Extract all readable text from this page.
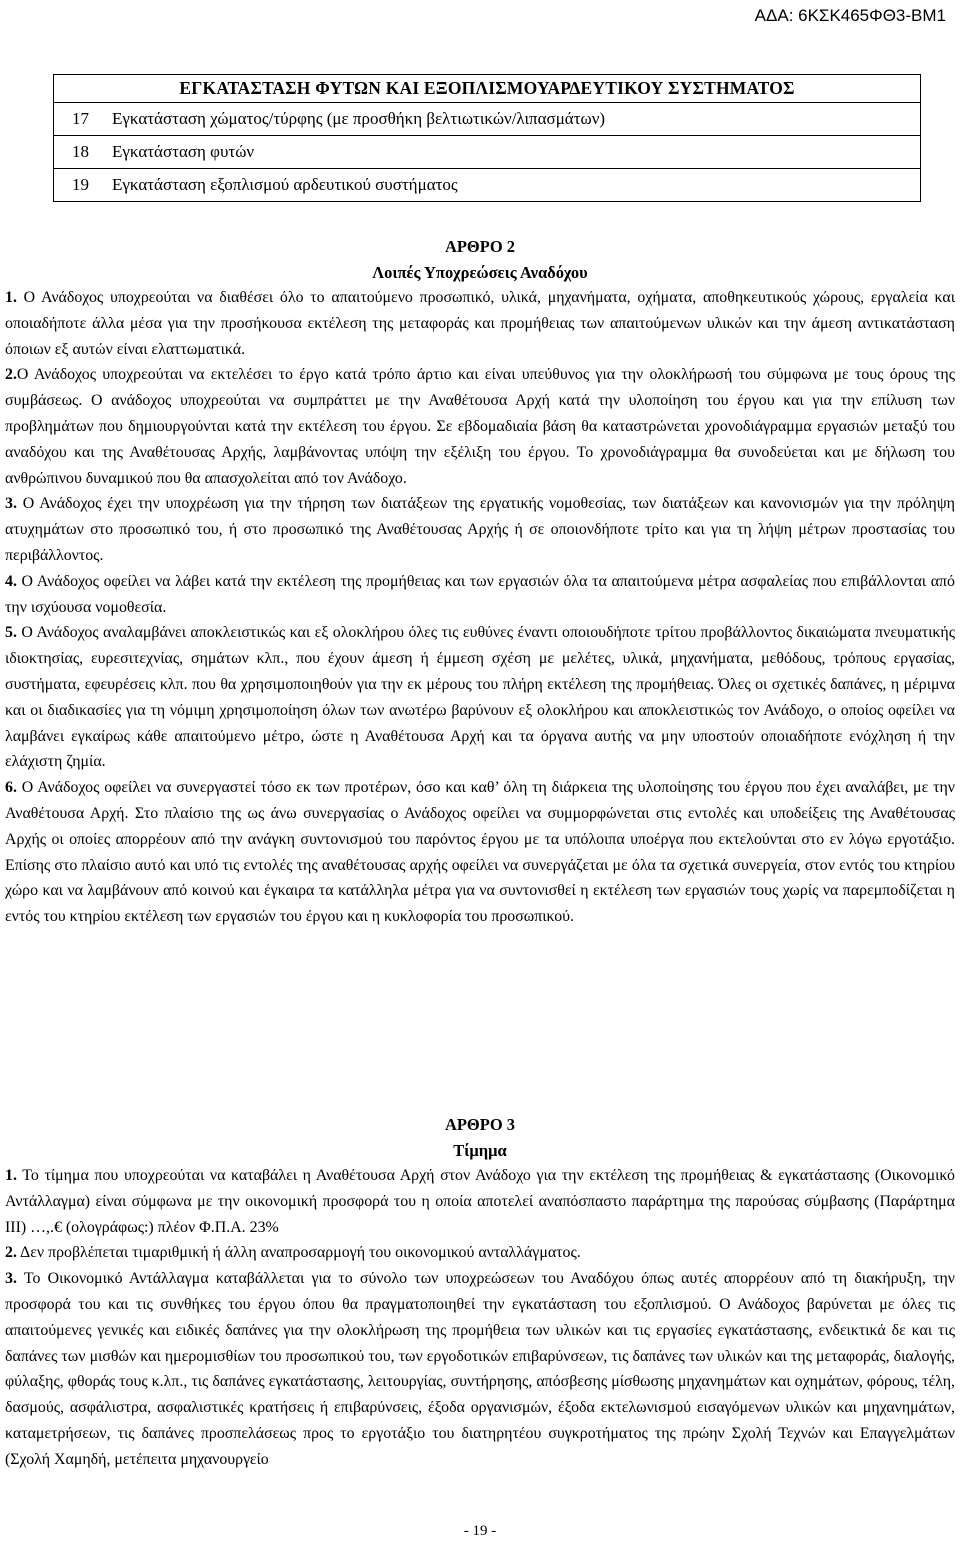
ΑΔΑ: 6ΚΣΚ465ΦΘ3-ΒΜ1
ΕΓΚΑΤΑΣΤΑΣΗ ΦΥΤΩΝ ΚΑΙ ΕΞΟΠΛΙΣΜΟΥΑΡΔΕΥΤΙΚΟΥ ΣΥΣΤΗΜΑΤΟΣ	
17	Εγκατάσταση χώματος/τύρφης (με προσθήκη βελτιωτικών/λιπασμάτων)
18	Εγκατάσταση φυτών
19	Εγκατάσταση εξοπλισμού αρδευτικού συστήματος

ΑΡΘΡΟ 2

Λοιπές Υποχρεώσεις Αναδόχου

1. Ο Ανάδοχος υποχρεούται να διαθέσει όλο το απαιτούμενο προσωπικό, υλικά, μηχανήματα, οχήματα, αποθηκευτικούς χώρους, εργαλεία και οποιαδήποτε άλλα μέσα για την προσήκουσα εκτέλεση της μεταφοράς και προμήθειας των απαιτούμενων υλικών και την άμεση αντικατάσταση όποιων εξ αυτών είναι ελαττωματικά.

2.Ο Ανάδοχος υποχρεούται να εκτελέσει το έργο κατά τρόπο άρτιο και είναι υπεύθυνος για την ολοκλήρωσή του σύμφωνα με τους όρους της συμβάσεως. Ο ανάδοχος υποχρεούται να συμπράττει με την Αναθέτουσα Αρχή κατά την υλοποίηση του έργου και για την επίλυση των προβλημάτων που δημιουργούνται κατά την εκτέλεση του έργου. Σε εβδομαδιαία βάση θα καταστρώνεται χρονοδιάγραμμα εργασιών μεταξύ του αναδόχου και της Αναθέτουσας Αρχής, λαμβάνοντας υπόψη την εξέλιξη του έργου. Το χρονοδιάγραμμα θα συνοδεύεται και με δήλωση του ανθρώπινου δυναμικού που θα απασχολείται από τον Ανάδοχο.

3. Ο Ανάδοχος έχει την υποχρέωση για την τήρηση των διατάξεων της εργατικής νομοθεσίας, των διατάξεων και κανονισμών για την πρόληψη ατυχημάτων στο προσωπικό του, ή στο προσωπικό της Αναθέτουσας Αρχής ή σε οποιονδήποτε τρίτο και για τη λήψη μέτρων προστασίας του περιβάλλοντος.

4. Ο Ανάδοχος οφείλει να λάβει κατά την εκτέλεση της προμήθειας και των εργασιών όλα τα απαιτούμενα μέτρα ασφαλείας που επιβάλλονται από την ισχύουσα νομοθεσία.

5. Ο Ανάδοχος αναλαμβάνει αποκλειστικώς και εξ ολοκλήρου όλες τις ευθύνες έναντι οποιουδήποτε τρίτου προβάλλοντος δικαιώματα πνευματικής ιδιοκτησίας, ευρεσιτεχνίας, σημάτων κλπ., που έχουν άμεση ή έμμεση σχέση με μελέτες, υλικά, μηχανήματα, μεθόδους, τρόπους εργασίας, συστήματα, εφευρέσεις κλπ. που θα χρησιμοποιηθούν για την εκ μέρους του πλήρη εκτέλεση της προμήθειας. Όλες οι σχετικές δαπάνες, η μέριμνα και οι διαδικασίες για τη νόμιμη χρησιμοποίηση όλων των ανωτέρω βαρύνουν εξ ολοκλήρου και αποκλειστικώς τον Ανάδοχο, ο οποίος οφείλει να λαμβάνει εγκαίρως κάθε απαιτούμενο μέτρο, ώστε η Αναθέτουσα Αρχή και τα όργανα αυτής να μην υποστούν οποιαδήποτε ενόχληση ή την ελάχιστη ζημία.

6. Ο Ανάδοχος οφείλει να συνεργαστεί τόσο εκ των προτέρων, όσο και καθ’ όλη τη διάρκεια της υλοποίησης του έργου που έχει αναλάβει, με την Αναθέτουσα Αρχή. Στο πλαίσιο της ως άνω συνεργασίας ο Ανάδοχος οφείλει να συμμορφώνεται στις εντολές και υποδείξεις της Αναθέτουσας Αρχής οι οποίες απορρέουν από την ανάγκη συντονισμού του παρόντος έργου με τα υπόλοιπα υποέργα που εκτελούνται στο εν λόγω εργοτάξιο. Επίσης στο πλαίσιο αυτό και υπό τις εντολές της αναθέτουσας αρχής οφείλει να συνεργάζεται με όλα τα σχετικά συνεργεία, στον εντός του κτηρίου χώρο και να λαμβάνουν από κοινού και έγκαιρα τα κατάλληλα μέτρα για να συντονισθεί η εκτέλεση των εργασιών τους χωρίς να παρεμποδίζεται η εντός του κτηρίου εκτέλεση των εργασιών του έργου και η κυκλοφορία του προσωπικού.

ΑΡΘΡΟ 3

Τίμημα

1. Το τίμημα που υποχρεούται να καταβάλει η Αναθέτουσα Αρχή στον Ανάδοχο για την εκτέλεση της προμήθειας & εγκατάστασης (Οικονομικό Αντάλλαγμα) είναι σύμφωνα με την οικονομική προσφορά του η οποία αποτελεί αναπόσπαστο παράρτημα της παρούσας σύμβασης (Παράρτημα ΙΙΙ) …,.€ (ολογράφως:) πλέον Φ.Π.Α. 23%

2. Δεν προβλέπεται τιμαριθμική ή άλλη αναπροσαρμογή του οικονομικού ανταλλάγματος.

3. Το Οικονομικό Αντάλλαγμα καταβάλλεται για το σύνολο των υποχρεώσεων του Αναδόχου όπως αυτές απορρέουν από τη διακήρυξη, την προσφορά του και τις συνθήκες του έργου όπου θα πραγματοποιηθεί την εγκατάσταση του εξοπλισμού. Ο Ανάδοχος βαρύνεται με όλες τις απαιτούμενες γενικές και ειδικές δαπάνες για την ολοκλήρωση της προμήθεια των υλικών και τις εργασίες εγκατάστασης, ενδεικτικά δε και τις δαπάνες των μισθών και ημερομισθίων του προσωπικού του, των εργοδοτικών επιβαρύνσεων, τις δαπάνες των υλικών και της μεταφοράς, διαλογής, φύλαξης, φθοράς τους κ.λπ., τις δαπάνες εγκατάστασης, λειτουργίας, συντήρησης, απόσβεσης μίσθωσης μηχανημάτων και οχημάτων, φόρους, τέλη, δασμούς, ασφάλιστρα, ασφαλιστικές κρατήσεις ή επιβαρύνσεις, έξοδα οργανισμών, έξοδα εκτελωνισμού εισαγόμενων υλικών και μηχανημάτων, καταμετρήσεων, τις δαπάνες προσπελάσεως προς το εργοτάξιο του διατηρητέου συγκροτήματος της πρώην Σχολή Τεχνών και Επαγγελμάτων (Σχολή Χαμηδή, μετέπειτα μηχανουργείο

- 19 -
